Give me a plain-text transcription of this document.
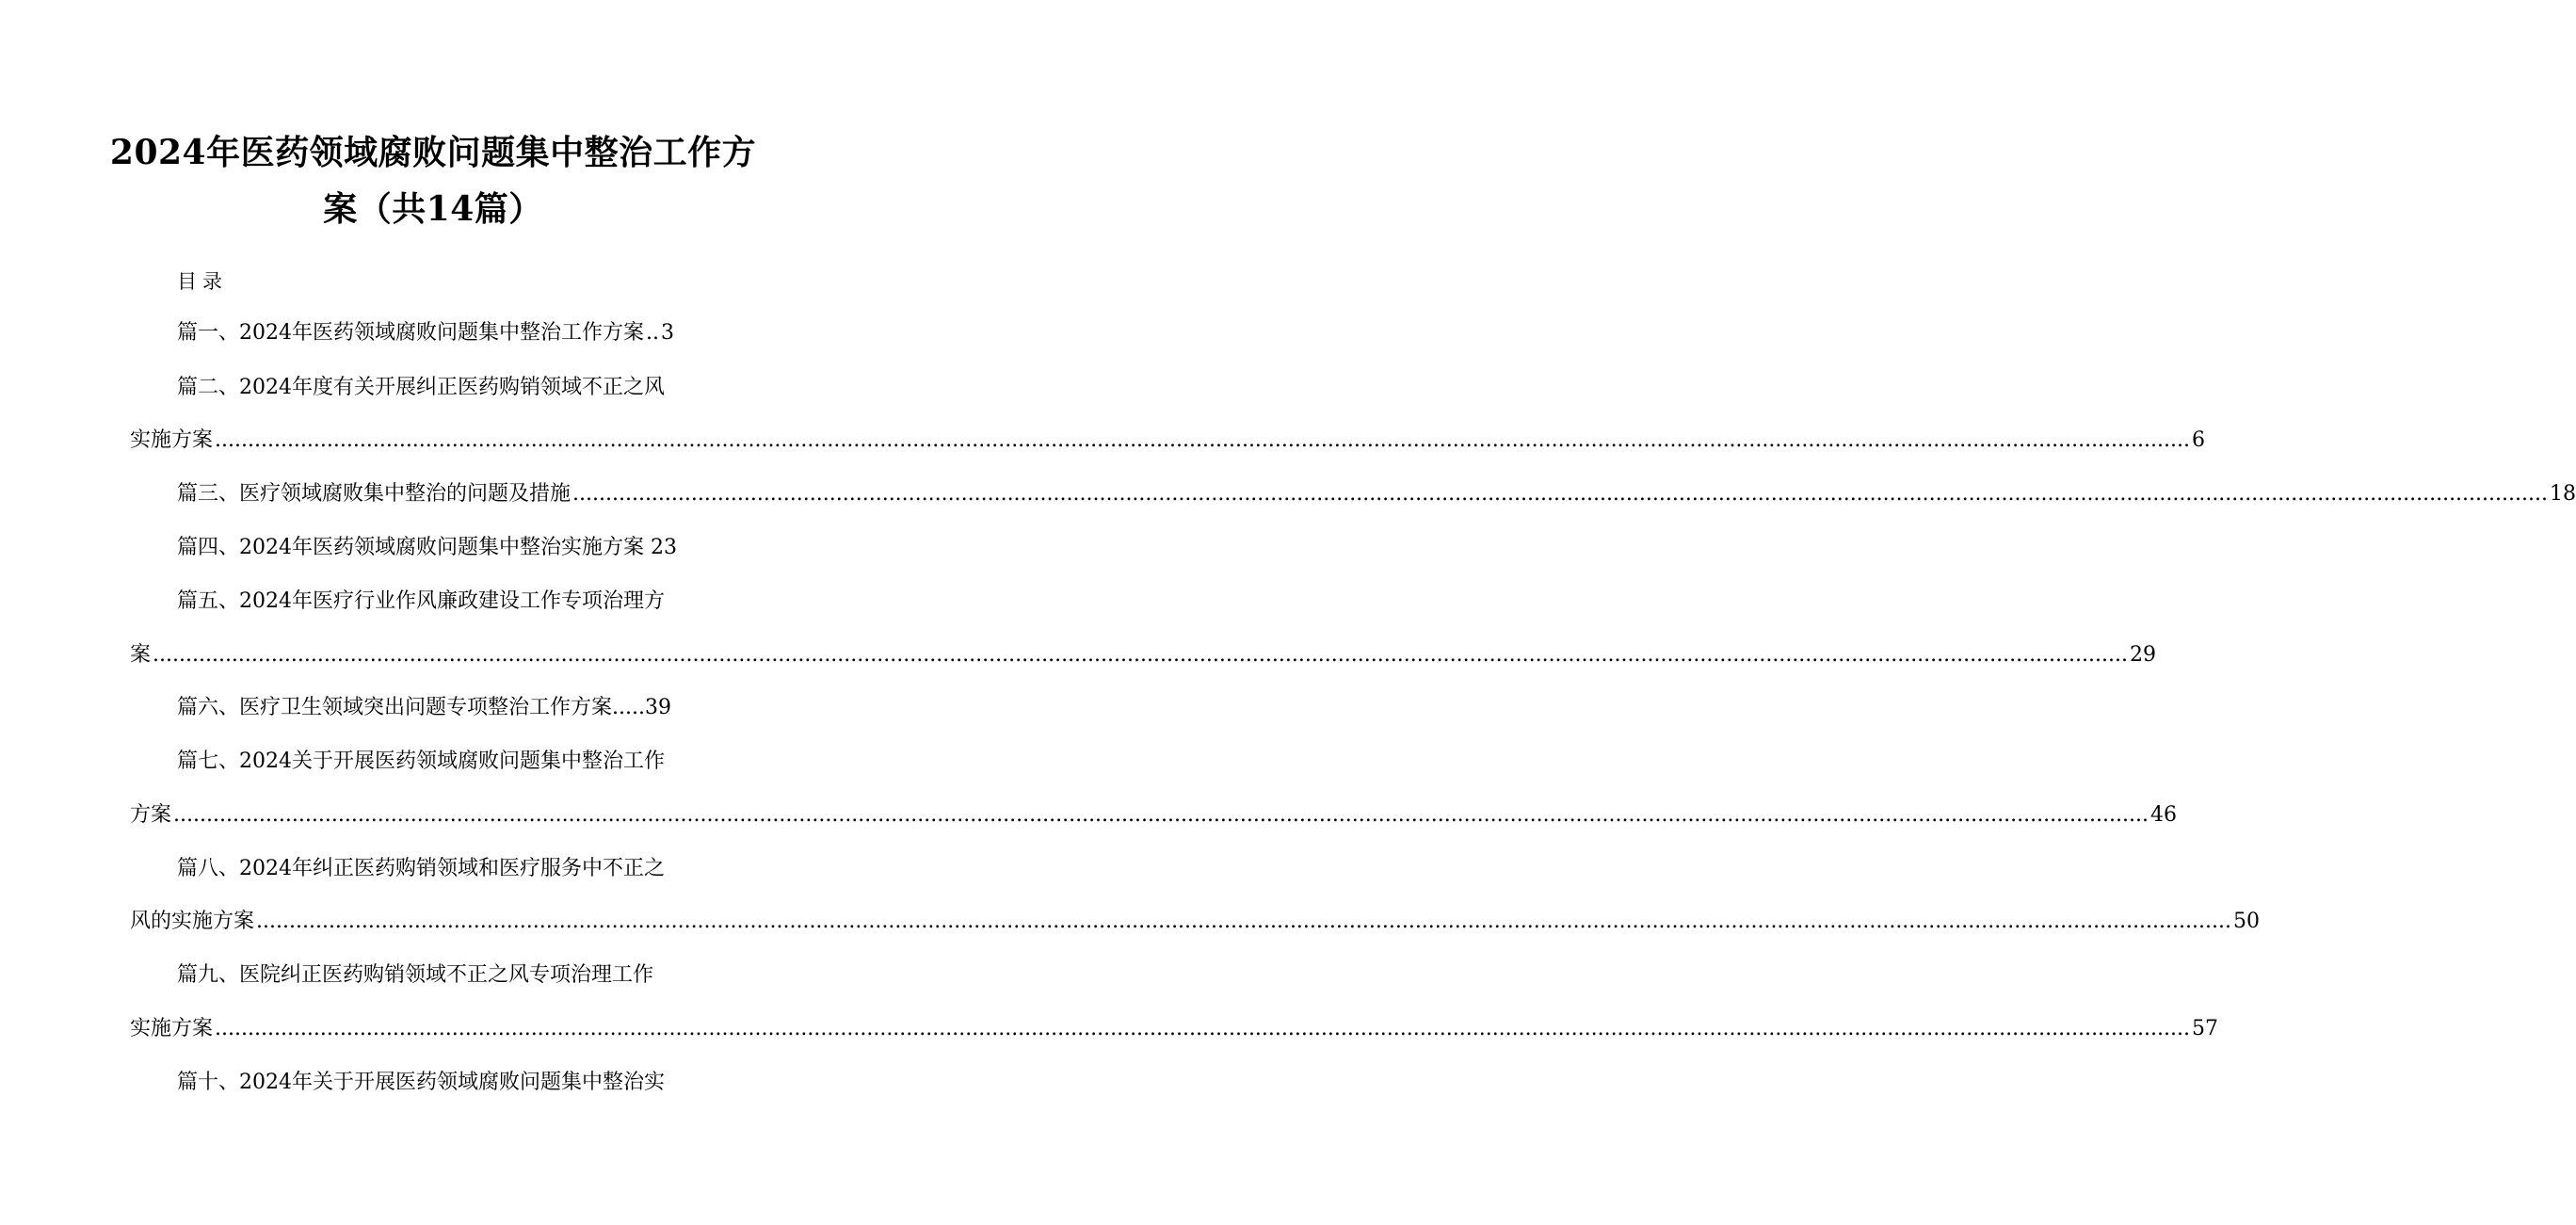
2024年医药领域腐败问题集中整治工作方
案（共14篇）
目录
篇一、2024年医药领域腐败问题集中整治工作方案 .. 3
篇二、2024年度有关开展纠正医药购销领域不正之风
实施方案 ............................................................................................................................................................................................................................................................................................................ 6
篇三、医疗领域腐败集中整治的问题及措施 ............................................................................................................................................................................................................................................................................................................ 18
篇四、2024年医药领域腐败问题集中整治实施方案 23
篇五、2024年医疗行业作风廉政建设工作专项治理方
案 ............................................................................................................................................................................................................................................................................................................ 29
篇六、医疗卫生领域突出问题专项整治工作方案.....39
篇七、2024关于开展医药领域腐败问题集中整治工作
方案 ............................................................................................................................................................................................................................................................................................................ 46
篇八、2024年纠正医药购销领域和医疗服务中不正之
风的实施方案 ............................................................................................................................................................................................................................................................................................................ 50
篇九、医院纠正医药购销领域不正之风专项治理工作
实施方案 ............................................................................................................................................................................................................................................................................................................ 57
篇十、2024年关于开展医药领域腐败问题集中整治实
